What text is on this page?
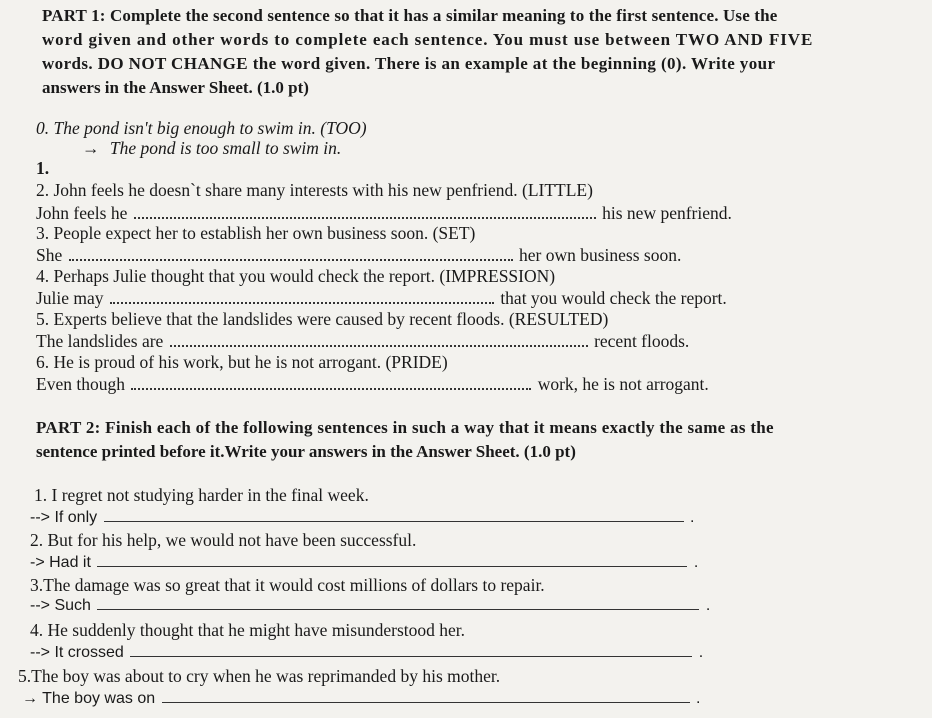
PART 1: Complete the second sentence so that it has a similar meaning to the first sentence. Use the
word given and other words to complete each sentence. You must use between TWO AND FIVE
words. DO NOT CHANGE the word given. There is an example at the beginning (0). Write your
answers in the Answer Sheet. (1.0 pt)
0. The pond isn't big enough to swim in. (TOO)
→ The pond is too small to swim in.
1.
2. John feels he doesn`t share many interests with his new penfriend. (LITTLE)
John feels he	his new penfriend.
3. People expect her to establish her own business soon. (SET)
She	her own business soon.
4. Perhaps Julie thought that you would check the report. (IMPRESSION)
Julie may	that you would check the report.
5. Experts believe that the landslides were caused by recent floods. (RESULTED)
The landslides are	recent floods.
6. He is proud of his work, but he is not arrogant. (PRIDE)
Even though	work, he is not arrogant.
PART 2: Finish each of the following sentences in such a way that it means exactly the same as the
sentence printed before it.Write your answers in the Answer Sheet. (1.0 pt)
1. I regret not studying harder in the final week.
--> If only	.
2. But for his help, we would not have been successful.
-> Had it	.
3.The damage was so great that it would cost millions of dollars to repair.
--> Such	.
4. He suddenly thought that he might have misunderstood her.
--> It crossed	.
5.The boy was about to cry when he was reprimanded by his mother.
→ The boy was on	.
